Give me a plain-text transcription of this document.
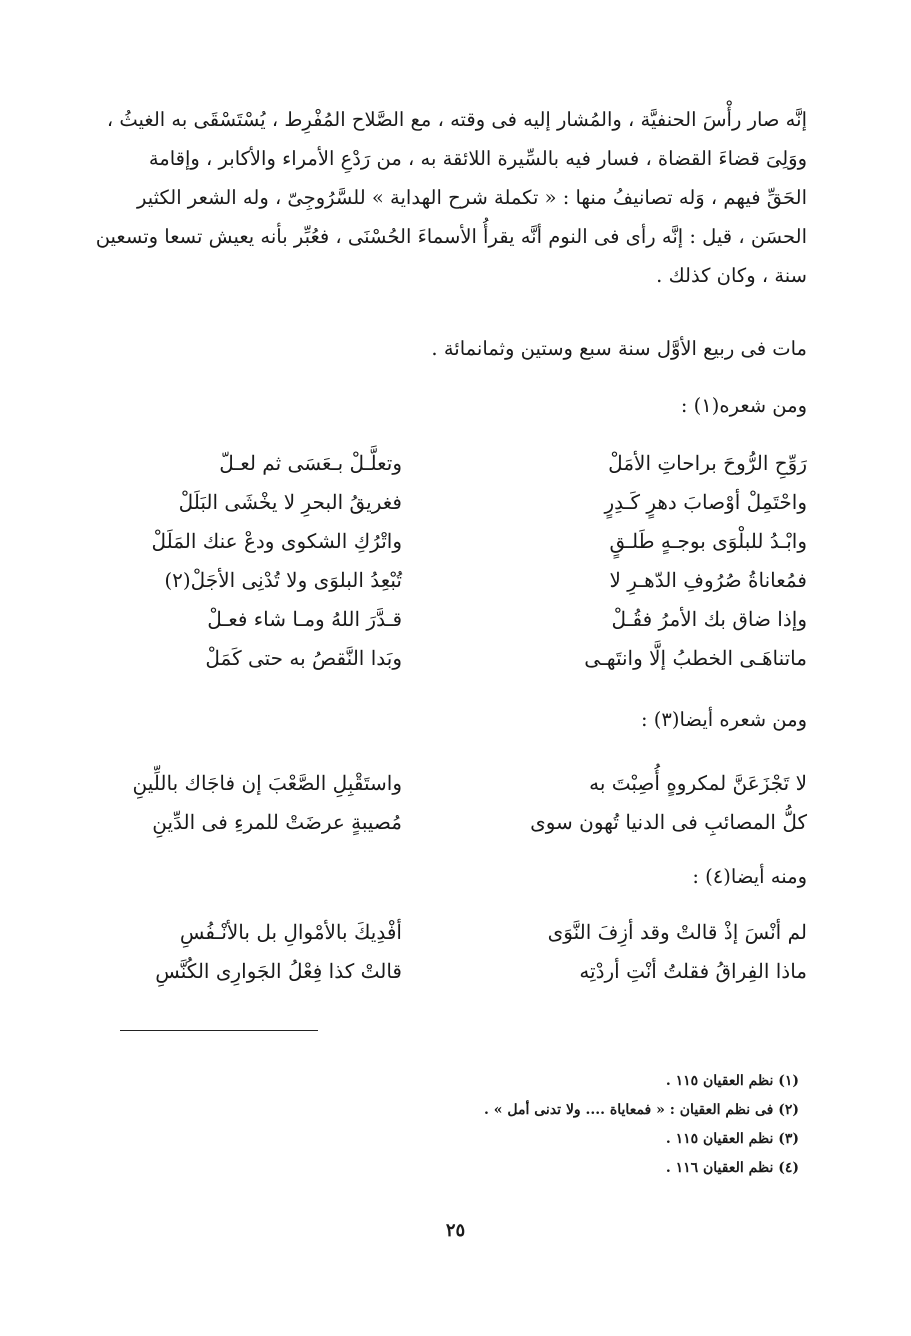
إنَّه صار رأْسَ الحنفيَّة ، والمُشار إليه فى وقته ، مع الصَّلاح المُفْرِط ، يُسْتَسْقَى به الغيثُ ،
ووَلِىَ قضاءَ القضاة ، فسار فيه بالسِّيرة اللائقة به ، من رَدْعِ الأمراء والأكابر ، وإقامة
الحَقِّ فيهم ، وَله تصانيفُ منها : « تكملة شرح الهداية » للسَّرُوجِىّ ، وله الشعر الكثير
الحسَن ، قيل : إنَّه رأى فى النوم أنَّه يقرأُ الأسماءَ الحُسْنَى ، فعُبِّر بأنه يعيش تسعا وتسعين
سنة ، وكان كذلك .
مات فى ربيع الأوَّل سنة سبع وستين وثمانمائة .
ومن شعره(١) :
رَوِّحِ الرُّوحَ براحاتِ الأمَلْ
وتعلَّـلْ بـعَسَى ثم لعـلّ
واحْتَمِلْ أوْصابَ دهرٍ كَـدِرٍ
فغريقُ البحرِ لا يخْشَى البَلَلْ
وابْـدُ للبلْوَى بوجـهٍ طَلـقٍ
واتْرُكِ الشكوى ودعْ عنك المَلَلْ
فمُعاناةُ صُرُوفِ الدّهـرِ لا
تُبْعِدُ البلوَى ولا تُدْنِى الأجَلْ(٢)
وإذا ضاق بك الأمرُ فقُـلْ
قـدَّرَ اللهُ ومـا شاء فعـلْ
ماتناهَـى الخطبُ إلَّا وانتَهـى
وبَدا النَّقصُ به حتى كَمَلْ
ومن شعره أيضا(٣) :
لا تَجْزَعَنَّ لمكروهٍ أُصِبْتَ به
واستَقْبِلِ الصَّعْبَ إن فاجَاك باللِّينِ
كلُّ المصائبِ فى الدنيا تُهون سوى
مُصيبةٍ عرضَتْ للمرءِ فى الدِّينِ
ومنه أيضا(٤) :
لم أنْسَ إذْ قالتْ وقد أزِفَ النَّوَى
أفْدِيكَ بالأمْوالِ بل بالأنْـفُسِ
ماذا الفِراقُ فقلتُ أنْتِ أردْتِه
قالتْ كذا فِعْلُ الجَوارِى الكُنَّسِ
(١) نظم العقيان ١١٥ .
(٢) فى نظم العقيان : « فمعاياة .... ولا تدنى أمل » .
(٣) نظم العقيان ١١٥ .
(٤) نظم العقيان ١١٦ .
٢٥
